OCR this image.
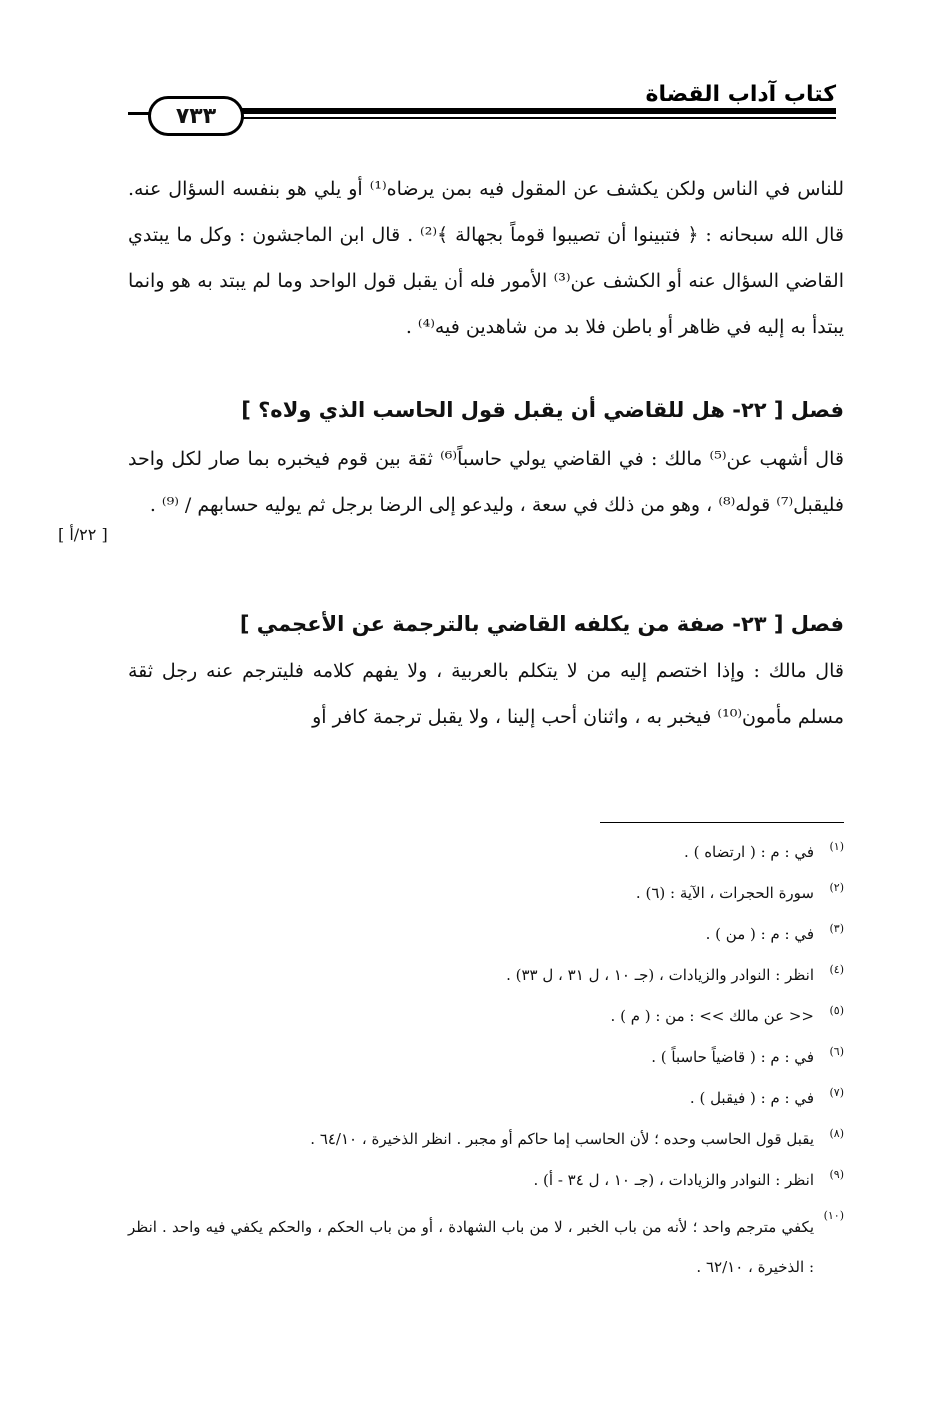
كتاب آداب القضاة
٧٣٣

للناس في الناس ولكن يكشف عن المقول فيه بمن يرضاه⁽¹⁾ أو يلي هو بنفسه السؤال عنه. قال الله سبحانه : ﴿ فتبينوا أن تصيبوا قوماً بجهالة ﴾⁽²⁾ . قال ابن الماجشون : وكل ما يبتدي القاضي السؤال عنه أو الكشف عن⁽³⁾ الأمور فله أن يقبل قول الواحد وما لم يبتد به هو وانما يبتدأ به إليه في ظاهر أو باطن فلا بد من شاهدين فيه⁽⁴⁾ .

فصل [ ٢٢- هل للقاضي أن يقبل قول الحاسب الذي ولاه؟ ]

قال أشهب عن⁽⁵⁾ مالك : في القاضي يولي حاسباً⁽⁶⁾ ثقة بين قوم فيخبره بما صار لكل واحد فليقبل⁽⁷⁾ قوله⁽⁸⁾ ، وهو من ذلك في سعة ، وليدعو إلى الرضا برجل ثم يوليه حسابهم / ⁽⁹⁾ .

[ ٢٢/أ ]
فصل [ ٢٣- صفة من يكلفه القاضي بالترجمة عن الأعجمي ]

قال مالك : وإذا اختصم إليه من لا يتكلم بالعربية ، ولا يفهم كلامه فليترجم عنه رجل ثقة مسلم مأمون⁽¹⁰⁾ فيخبر به ، واثنان أحب إلينا ، ولا يقبل ترجمة كافر أو

(١)
في : م : ( ارتضاه ) .
(٢)
سورة الحجرات ، الآية : (٦) .
(٣)
في : م : ( من ) .
(٤)
انظر : النوادر والزيادات ، (جـ ١٠ ، ل ٣١ ، ل ٣٣) .
(٥)
<< عن مالك >> : من : ( م ) .
(٦)
في : م : ( قاضياً حاسباً ) .
(٧)
في : م : ( فيقبل ) .
(٨)
يقبل قول الحاسب وحده ؛ لأن الحاسب إما حاكم أو مجبر . انظر الذخيرة ، ٦٤/١٠ .
(٩)
انظر : النوادر والزيادات ، (جـ ١٠ ، ل ٣٤ - أ) .
(١٠)
يكفي مترجم واحد ؛ لأنه من باب الخبر ، لا من باب الشهادة ، أو من باب الحكم ، والحكم يكفي فيه واحد . انظر : الذخيرة ، ٦٢/١٠ .
